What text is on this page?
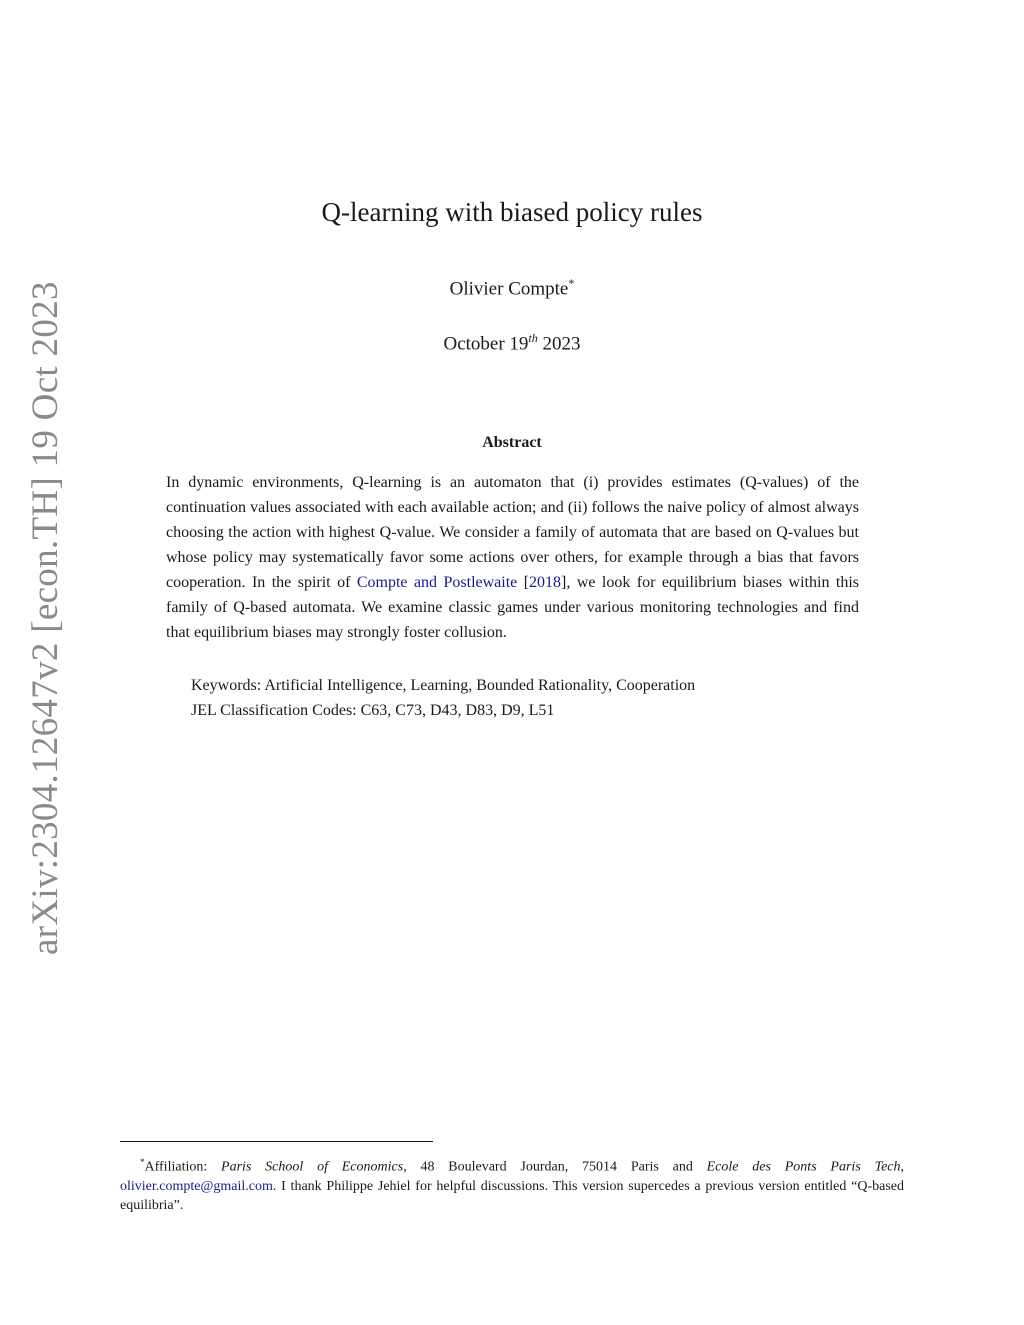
arXiv:2304.12647v2 [econ.TH] 19 Oct 2023
Q-learning with biased policy rules
Olivier Compte*
October 19th 2023
Abstract

In dynamic environments, Q-learning is an automaton that (i) provides estimates (Q-values) of the continuation values associated with each available action; and (ii) follows the naive policy of almost always choosing the action with highest Q-value. We consider a family of automata that are based on Q-values but whose policy may systematically favor some actions over others, for example through a bias that favors cooperation. In the spirit of Compte and Postlewaite [2018], we look for equilibrium biases within this family of Q-based automata. We examine classic games under various monitoring technologies and find that equilibrium biases may strongly foster collusion.

Keywords: Artificial Intelligence, Learning, Bounded Rationality, Cooperation
JEL Classification Codes: C63, C73, D43, D83, D9, L51

*Affiliation: Paris School of Economics, 48 Boulevard Jourdan, 75014 Paris and Ecole des Ponts Paris Tech, olivier.compte@gmail.com. I thank Philippe Jehiel for helpful discussions. This version supercedes a previous version entitled “Q-based equilibria”.
